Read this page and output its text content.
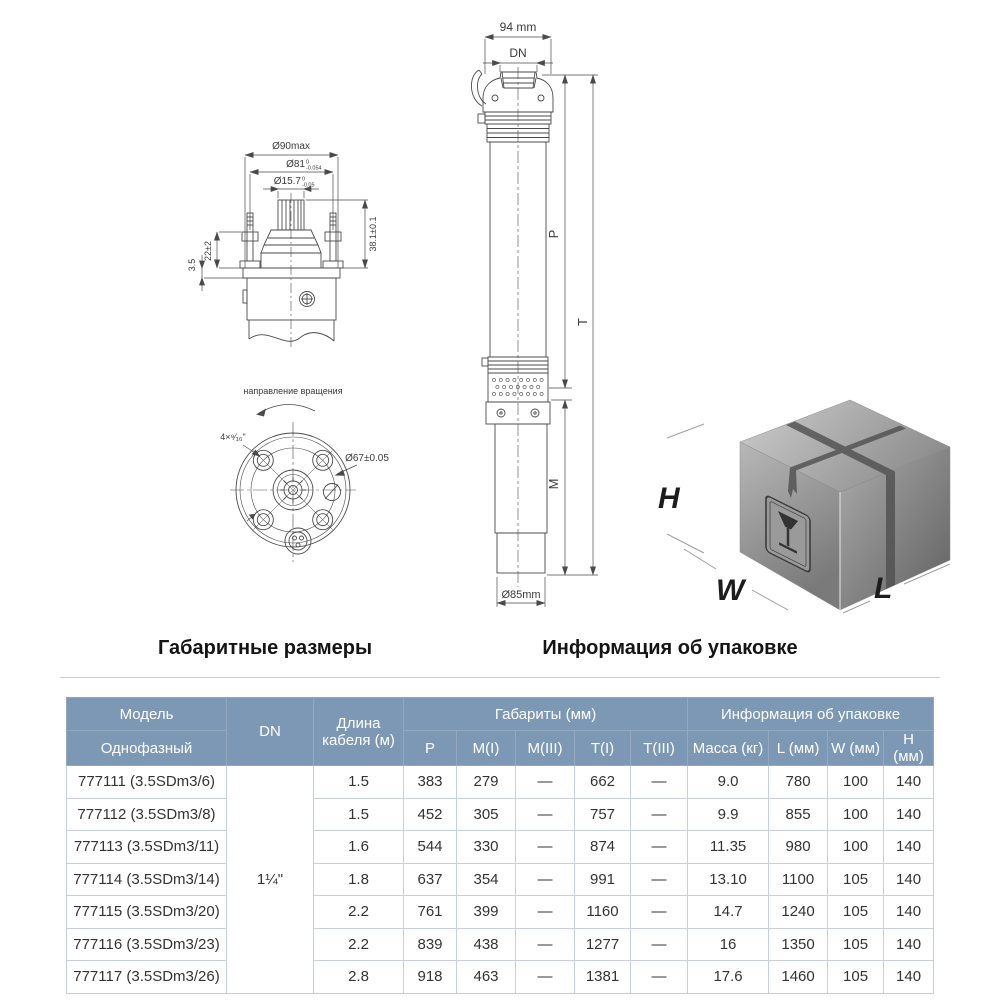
Ø90max
Ø81 0
-0.054
Ø15.7 0
-0.05
22±2
3.5
38.1±0.1
направление вращения
4×⁹⁄₁₆"
Ø67±0.05
94 mm
DN
P
T
M
Ø85mm
H
W	L
Габаритные размеры	Информация об упаковке
Модель	DN	Длина кабеля (м)	Габариты (мм)					Информация об упаковке			
Однофазный			P	M(I)	M(III)	T(I)	T(III)	Масса (кг)	L (мм)	W (мм)	H (мм)
777111 (3.5SDm3/6)	1¼"	1.5	383	279	—	662	—	9.0	780	100	140
777112 (3.5SDm3/8)		1.5	452	305	—	757	—	9.9	855	100	140
777113 (3.5SDm3/11)		1.6	544	330	—	874	—	11.35	980	100	140
777114 (3.5SDm3/14)		1.8	637	354	—	991	—	13.10	1100	105	140
777115 (3.5SDm3/20)		2.2	761	399	—	1160	—	14.7	1240	105	140
777116 (3.5SDm3/23)		2.2	839	438	—	1277	—	16	1350	105	140
777117 (3.5SDm3/26)		2.8	918	463	—	1381	—	17.6	1460	105	140
